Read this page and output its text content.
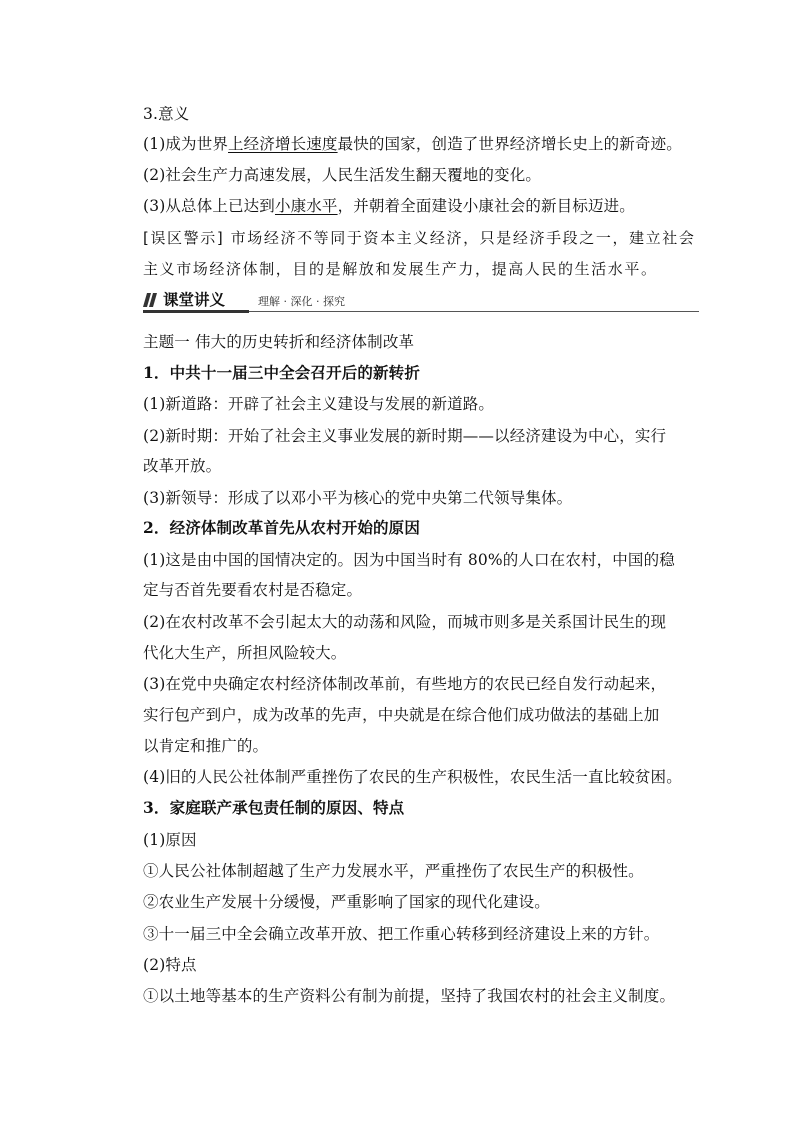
3.意义
(1)成为世界上经济增长速度最快的国家，创造了世界经济增长史上的新奇迹。
(2)社会生产力高速发展，人民生活发生翻天覆地的变化。
(3)从总体上已达到小康水平，并朝着全面建设小康社会的新目标迈进。
[误区警示] 市场经济不等同于资本主义经济，只是经济手段之一，建立社会
主义市场经济体制，目的是解放和发展生产力，提高人民的生活水平。
课堂讲义	理解 · 深化 · 探究
主题一 伟大的历史转折和经济体制改革
1．中共十一届三中全会召开后的新转折
(1)新道路：开辟了社会主义建设与发展的新道路。
(2)新时期：开始了社会主义事业发展的新时期——以经济建设为中心，实行
改革开放。
(3)新领导：形成了以邓小平为核心的党中央第二代领导集体。
2．经济体制改革首先从农村开始的原因
(1)这是由中国的国情决定的。因为中国当时有 80%的人口在农村，中国的稳
定与否首先要看农村是否稳定。
(2)在农村改革不会引起太大的动荡和风险，而城市则多是关系国计民生的现
代化大生产，所担风险较大。
(3)在党中央确定农村经济体制改革前，有些地方的农民已经自发行动起来，
实行包产到户，成为改革的先声，中央就是在综合他们成功做法的基础上加
以肯定和推广的。
(4)旧的人民公社体制严重挫伤了农民的生产积极性，农民生活一直比较贫困。
3．家庭联产承包责任制的原因、特点
(1)原因
①人民公社体制超越了生产力发展水平，严重挫伤了农民生产的积极性。
②农业生产发展十分缓慢，严重影响了国家的现代化建设。
③十一届三中全会确立改革开放、把工作重心转移到经济建设上来的方针。
(2)特点
①以土地等基本的生产资料公有制为前提，坚持了我国农村的社会主义制度。
